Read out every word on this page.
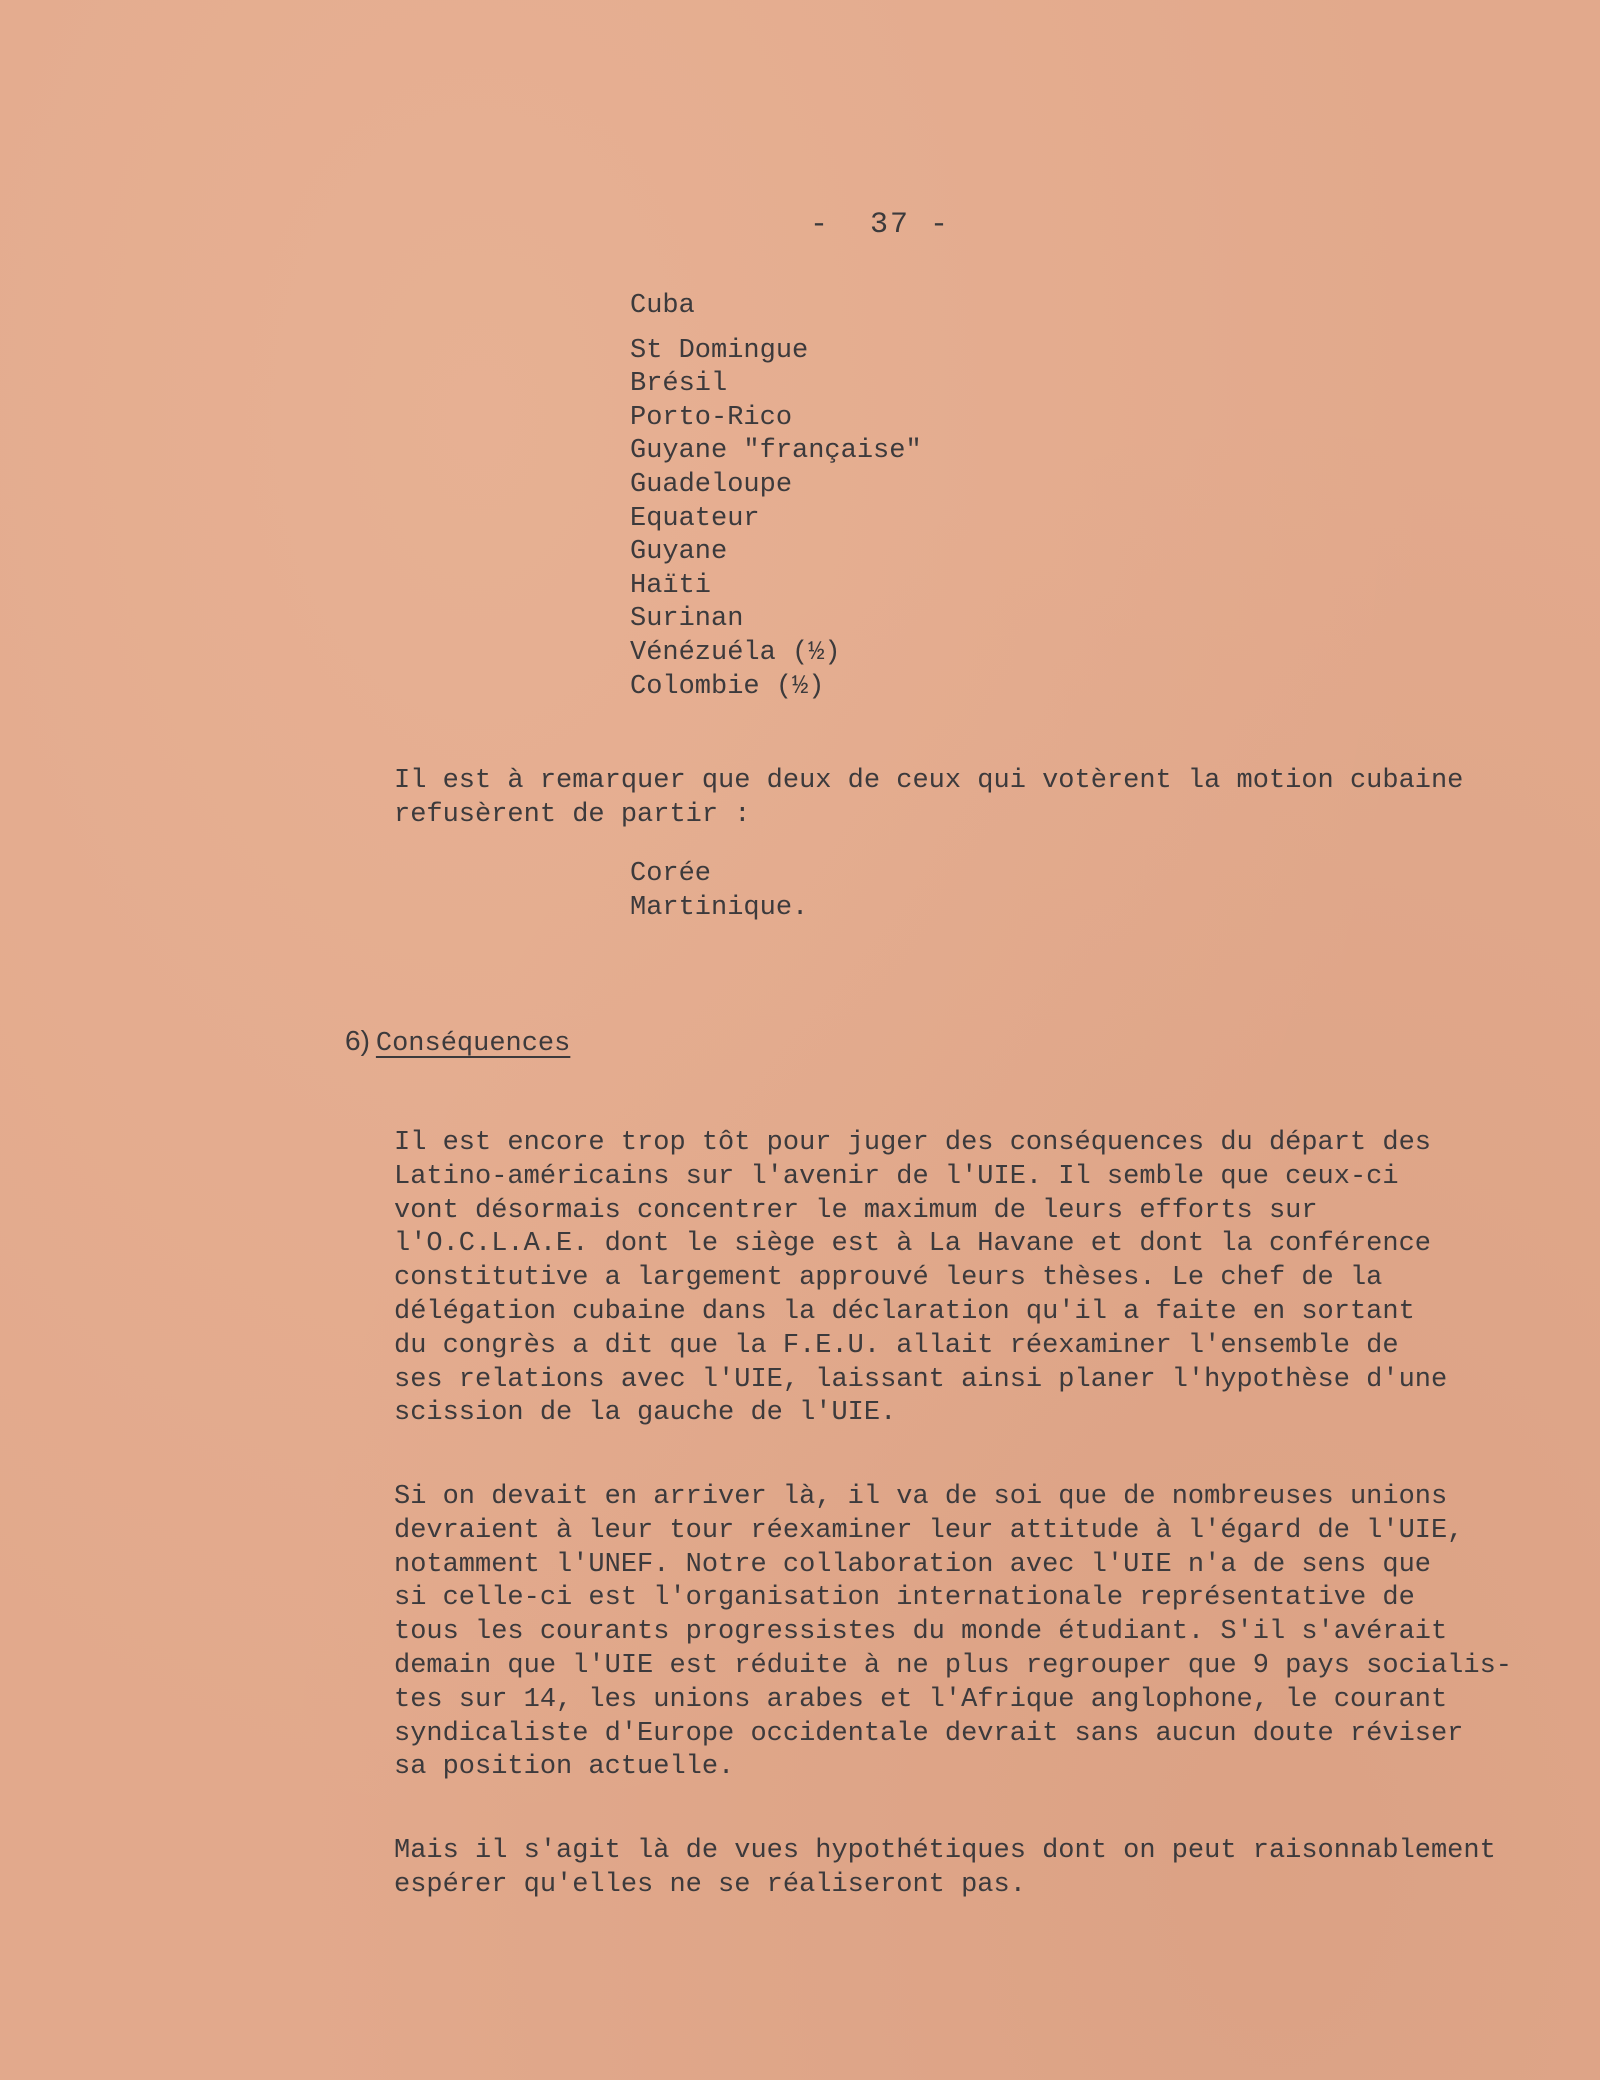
-  37 -
Cuba
St Domingue
Brésil
Porto-Rico
Guyane "française"
Guadeloupe
Equateur
Guyane
Haïti
Surinan
Vénézuéla (½)
Colombie (½)

Il est à remarquer que deux de ceux qui votèrent la motion cubaine
refusèrent de partir :

Corée
Martinique.
6) Conséquences

Il est encore trop tôt pour juger des conséquences du départ des
Latino-américains sur l'avenir de l'UIE. Il semble que ceux-ci
vont désormais concentrer le maximum de leurs efforts sur
l'O.C.L.A.E. dont le siège est à La Havane et dont la conférence
constitutive a largement approuvé leurs thèses. Le chef de la
délégation cubaine dans la déclaration qu'il a faite en sortant
du congrès a dit que la F.E.U. allait réexaminer l'ensemble de
ses relations avec l'UIE, laissant ainsi planer l'hypothèse d'une
scission de la gauche de l'UIE.

Si on devait en arriver là, il va de soi que de nombreuses unions
devraient à leur tour réexaminer leur attitude à l'égard de l'UIE,
notamment l'UNEF. Notre collaboration avec l'UIE n'a de sens que
si celle-ci est l'organisation internationale représentative de
tous les courants progressistes du monde étudiant. S'il s'avérait
demain que l'UIE est réduite à ne plus regrouper que 9 pays socialis-
tes sur 14, les unions arabes et l'Afrique anglophone, le courant
syndicaliste d'Europe occidentale devrait sans aucun doute réviser
sa position actuelle.

Mais il s'agit là de vues hypothétiques dont on peut raisonnablement
espérer qu'elles ne se réaliseront pas.
